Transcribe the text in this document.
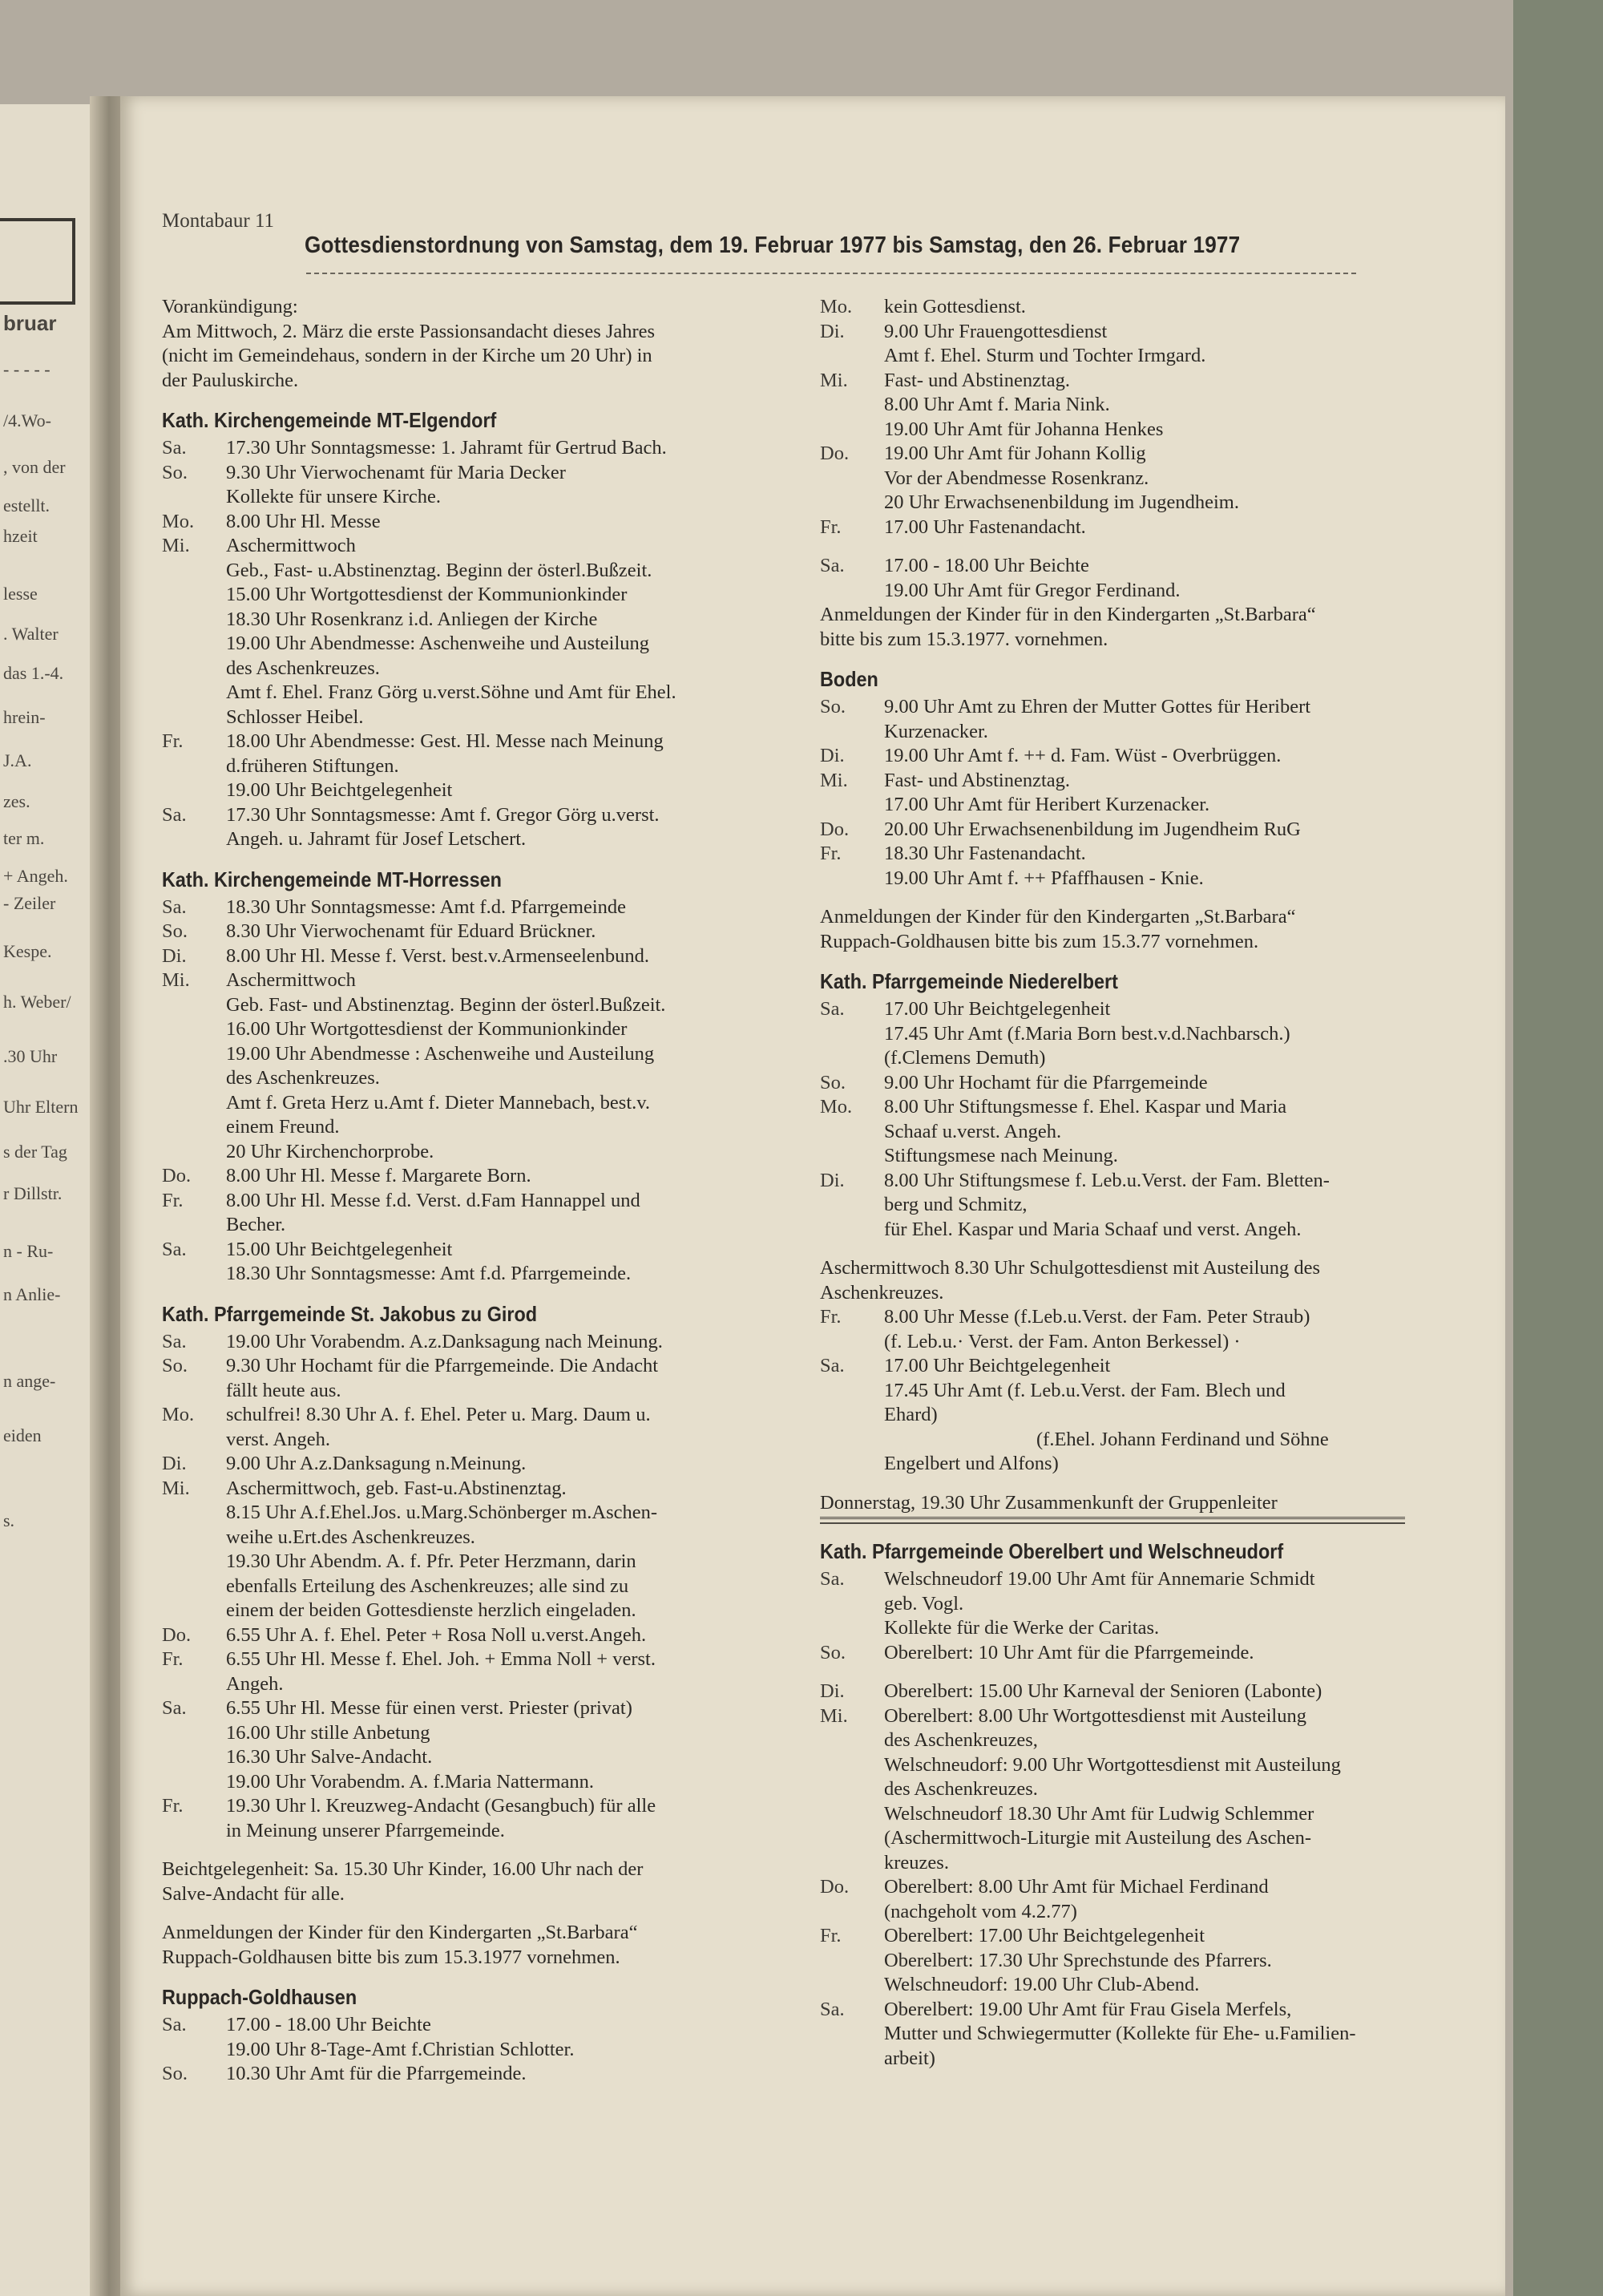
bruar
- - - - -
/4.Wo-
, von der
estellt.
hzeit
lesse
. Walter
das 1.-4.
hrein-
J.A.
zes.
ter m.
+ Angeh.
- Zeiler
Kespe.
h. Weber/
.30 Uhr
Uhr Eltern
s der Tag
r Dillstr.
n - Ru-
n Anlie-
n ange-
eiden
s.
Montabaur 11
Gottesdienstordnung von Samstag, dem 19. Februar 1977 bis Samstag, den 26. Februar 1977

Vorankündigung:

Am Mittwoch, 2. März die erste Passionsandacht dieses Jahres

(nicht im Gemeindehaus, sondern in der Kirche um 20 Uhr) in

der Pauluskirche.

Kath. Kirchengemeinde MT-Elgendorf

Sa.	17.30 Uhr Sonntagsmesse: 1. Jahramt für Gertrud Bach.

So.	9.30 Uhr Vierwochenamt für Maria Decker

Kollekte für unsere Kirche.

Mo.	8.00 Uhr Hl. Messe

Mi.	Aschermittwoch

Geb., Fast- u.Abstinenztag. Beginn der österl.Bußzeit.

15.00 Uhr Wortgottesdienst der Kommunionkinder

18.30 Uhr Rosenkranz i.d. Anliegen der Kirche

19.00 Uhr Abendmesse: Aschenweihe und Austeilung

des Aschenkreuzes.

Amt f. Ehel. Franz Görg u.verst.Söhne und Amt für Ehel.

Schlosser Heibel.

Fr.	18.00 Uhr Abendmesse: Gest. Hl. Messe nach Meinung

d.früheren Stiftungen.

19.00 Uhr Beichtgelegenheit

Sa.	17.30 Uhr Sonntagsmesse: Amt f. Gregor Görg u.verst.

Angeh. u. Jahramt für Josef Letschert.

Kath. Kirchengemeinde MT-Horressen

Sa.	18.30 Uhr Sonntagsmesse: Amt f.d. Pfarrgemeinde

So.	8.30 Uhr Vierwochenamt für Eduard Brückner.

Di.	8.00 Uhr Hl. Messe f. Verst. best.v.Armenseelenbund.

Mi.	Aschermittwoch

Geb. Fast- und Abstinenztag. Beginn der österl.Bußzeit.

16.00 Uhr Wortgottesdienst der Kommunionkinder

19.00 Uhr Abendmesse : Aschenweihe und Austeilung

des Aschenkreuzes.

Amt f. Greta Herz u.Amt f. Dieter Mannebach, best.v.

einem Freund.

20 Uhr Kirchenchorprobe.

Do.	8.00 Uhr Hl. Messe f. Margarete Born.

Fr.	8.00 Uhr Hl. Messe f.d. Verst. d.Fam Hannappel und

Becher.

Sa.	15.00 Uhr Beichtgelegenheit

18.30 Uhr Sonntagsmesse: Amt f.d. Pfarrgemeinde.

Kath. Pfarrgemeinde St. Jakobus zu Girod

Sa.	19.00 Uhr Vorabendm. A.z.Danksagung nach Meinung.

So.	9.30 Uhr Hochamt für die Pfarrgemeinde. Die Andacht

fällt heute aus.

Mo.	schulfrei! 8.30 Uhr A. f. Ehel. Peter u. Marg. Daum u.

verst. Angeh.

Di.	9.00 Uhr A.z.Danksagung n.Meinung.

Mi.	Aschermittwoch, geb. Fast-u.Abstinenztag.

8.15 Uhr A.f.Ehel.Jos. u.Marg.Schönberger m.Aschen-

weihe u.Ert.des Aschenkreuzes.

19.30 Uhr Abendm. A. f. Pfr. Peter Herzmann, darin

ebenfalls Erteilung des Aschenkreuzes; alle sind zu

einem der beiden Gottesdienste herzlich eingeladen.

Do.	6.55 Uhr A. f. Ehel. Peter + Rosa Noll u.verst.Angeh.

Fr.	6.55 Uhr Hl. Messe f. Ehel. Joh. + Emma Noll + verst.

Angeh.

Sa.	6.55 Uhr Hl. Messe für einen verst. Priester (privat)

16.00 Uhr stille Anbetung

16.30 Uhr Salve-Andacht.

19.00 Uhr Vorabendm. A. f.Maria Nattermann.

Fr.	19.30 Uhr l. Kreuzweg-Andacht (Gesangbuch) für alle

in Meinung unserer Pfarrgemeinde.

Beichtgelegenheit: Sa. 15.30 Uhr Kinder, 16.00 Uhr nach der

Salve-Andacht für alle.

Anmeldungen der Kinder für den Kindergarten „St.Barbara“

Ruppach-Goldhausen bitte bis zum 15.3.1977 vornehmen.

Ruppach-Goldhausen

Sa.	17.00 - 18.00 Uhr Beichte

19.00 Uhr 8-Tage-Amt f.Christian Schlotter.

So.	10.30 Uhr Amt für die Pfarrgemeinde.

Mo.	kein Gottesdienst.

Di.	9.00 Uhr Frauengottesdienst

Amt f. Ehel. Sturm und Tochter Irmgard.

Mi.	Fast- und Abstinenztag.

8.00 Uhr Amt f. Maria Nink.

19.00 Uhr Amt für Johanna Henkes

Do.	19.00 Uhr Amt für Johann Kollig

Vor der Abendmesse Rosenkranz.

20 Uhr Erwachsenenbildung im Jugendheim.

Fr.	17.00 Uhr Fastenandacht.

Sa.	17.00 - 18.00 Uhr Beichte

19.00 Uhr Amt für Gregor Ferdinand.

Anmeldungen der Kinder für in den Kindergarten „St.Barbara“

bitte bis zum 15.3.1977. vornehmen.

Boden

So.	9.00 Uhr Amt zu Ehren der Mutter Gottes für Heribert

Kurzenacker.

Di.	19.00 Uhr Amt f. ++ d. Fam. Wüst - Overbrüggen.

Mi.	Fast- und Abstinenztag.

17.00 Uhr Amt für Heribert Kurzenacker.

Do.	20.00 Uhr Erwachsenenbildung im Jugendheim RuG

Fr.	18.30 Uhr Fastenandacht.

19.00 Uhr Amt f. ++ Pfaffhausen - Knie.

Anmeldungen der Kinder für den Kindergarten „St.Barbara“

Ruppach-Goldhausen bitte bis zum 15.3.77 vornehmen.

Kath. Pfarrgemeinde Niederelbert

Sa.	17.00 Uhr Beichtgelegenheit

17.45 Uhr Amt (f.Maria Born best.v.d.Nachbarsch.)

(f.Clemens Demuth)

So.	9.00 Uhr Hochamt für die Pfarrgemeinde

Mo.	8.00 Uhr Stiftungsmesse f. Ehel. Kaspar und Maria

Schaaf u.verst. Angeh.

Stiftungsmese nach Meinung.

Di.	8.00 Uhr Stiftungsmese f. Leb.u.Verst. der Fam. Bletten-

berg und Schmitz,

für Ehel. Kaspar und Maria Schaaf und verst. Angeh.

Aschermittwoch 8.30 Uhr Schulgottesdienst mit Austeilung des

Aschenkreuzes.

Fr.	8.00 Uhr Messe (f.Leb.u.Verst. der Fam. Peter Straub)

(f. Leb.u.· Verst. der Fam. Anton Berkessel) ·

Sa.	17.00 Uhr Beichtgelegenheit

17.45 Uhr Amt (f. Leb.u.Verst. der Fam. Blech und

Ehard)

(f.Ehel. Johann Ferdinand und Söhne

Engelbert und Alfons)

Donnerstag, 19.30 Uhr Zusammenkunft der Gruppenleiter

Kath. Pfarrgemeinde Oberelbert und Welschneudorf

Sa.	Welschneudorf 19.00 Uhr Amt für Annemarie Schmidt

geb. Vogl.

Kollekte für die Werke der Caritas.

So.	Oberelbert: 10 Uhr Amt für die Pfarrgemeinde.

Di.	Oberelbert: 15.00 Uhr Karneval der Senioren (Labonte)

Mi.	Oberelbert: 8.00 Uhr Wortgottesdienst mit Austeilung

des Aschenkreuzes,

Welschneudorf: 9.00 Uhr Wortgottesdienst mit Austeilung

des Aschenkreuzes.

Welschneudorf 18.30 Uhr Amt für Ludwig Schlemmer

(Aschermittwoch-Liturgie mit Austeilung des Aschen-

kreuzes.

Do.	Oberelbert: 8.00 Uhr Amt für Michael Ferdinand

(nachgeholt vom 4.2.77)

Fr.	Oberelbert: 17.00 Uhr Beichtgelegenheit

Oberelbert: 17.30 Uhr Sprechstunde des Pfarrers.

Welschneudorf: 19.00 Uhr Club-Abend.

Sa.	Oberelbert: 19.00 Uhr Amt für Frau Gisela Merfels,

Mutter und Schwiegermutter (Kollekte für Ehe- u.Familien-

arbeit)
